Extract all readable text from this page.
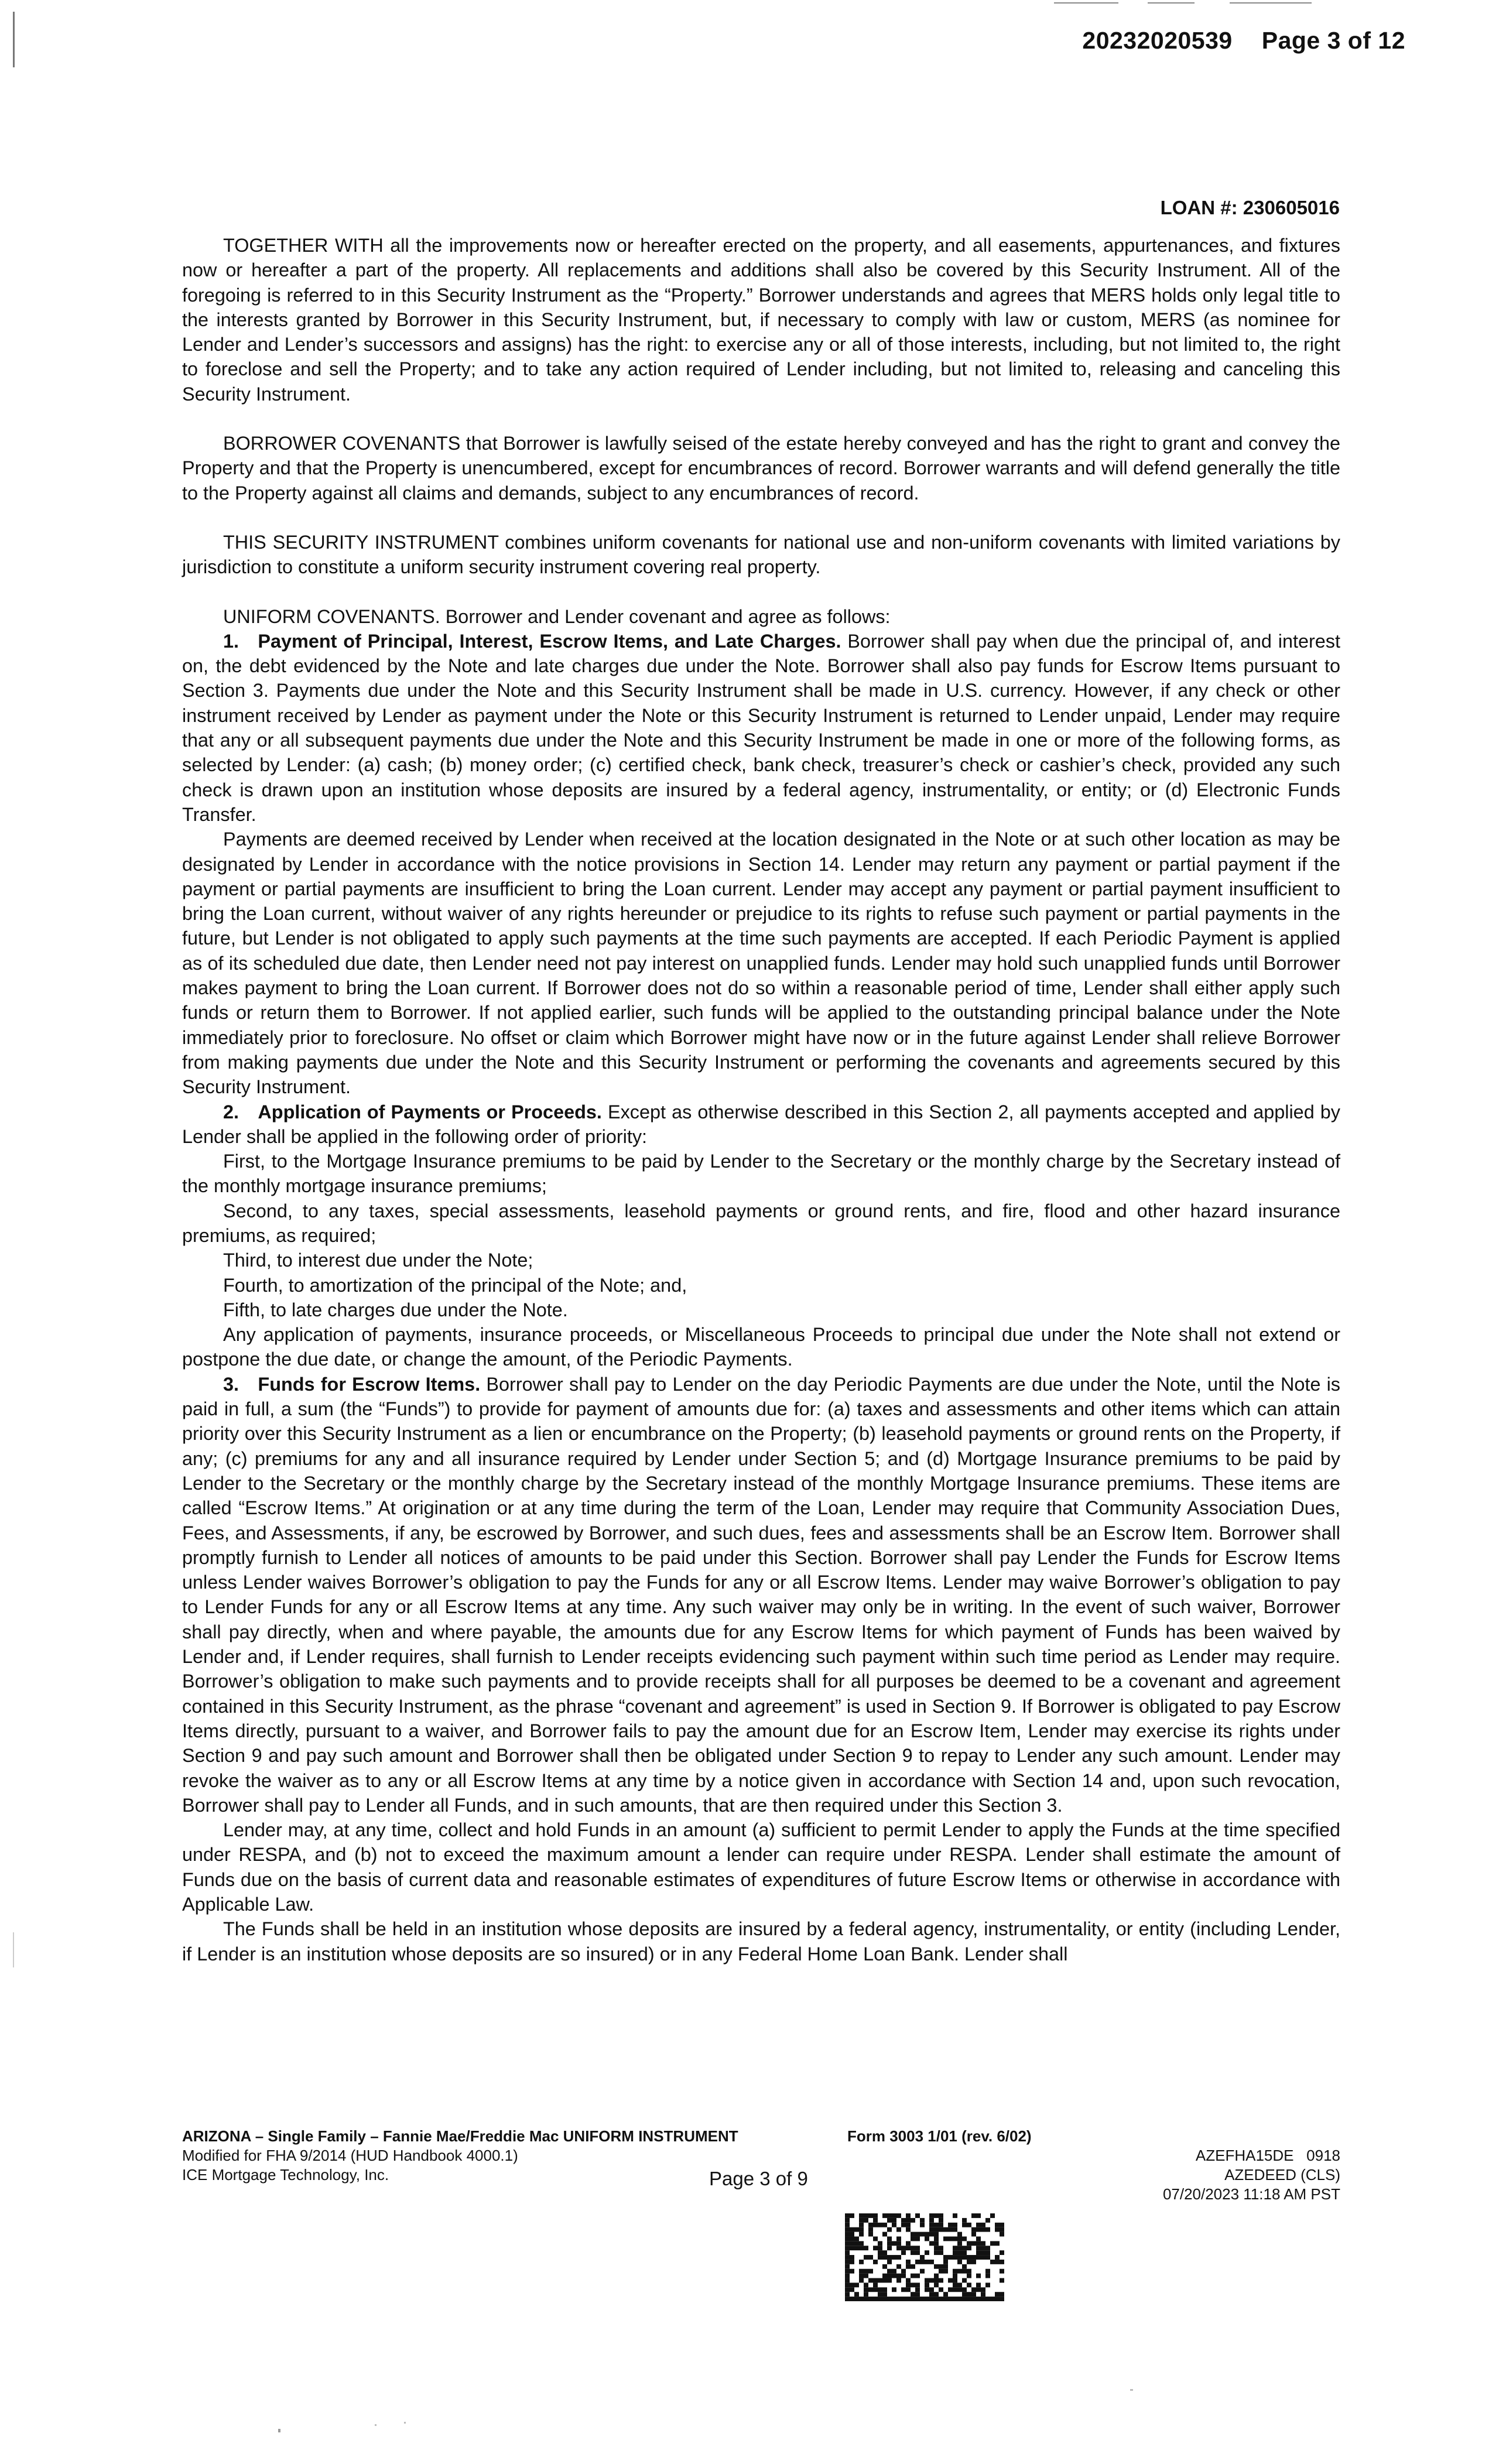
20232020539 Page 3 of 12
LOAN #: 230605016

TOGETHER WITH all the improvements now or hereafter erected on the property, and all easements, appurtenances, and fixtures now or hereafter a part of the property. All replacements and additions shall also be covered by this Security Instrument. All of the foregoing is referred to in this Security Instrument as the “Property.” Borrower understands and agrees that MERS holds only legal title to the interests granted by Borrower in this Security Instrument, but, if necessary to comply with law or custom, MERS (as nominee for Lender and Lender’s successors and assigns) has the right: to exercise any or all of those interests, including, but not limited to, the right to foreclose and sell the Property; and to take any action required of Lender including, but not limited to, releasing and canceling this Security Instrument.

BORROWER COVENANTS that Borrower is lawfully seised of the estate hereby conveyed and has the right to grant and convey the Property and that the Property is unencumbered, except for encumbrances of record. Borrower warrants and will defend generally the title to the Property against all claims and demands, subject to any encumbrances of record.

THIS SECURITY INSTRUMENT combines uniform covenants for national use and non-uniform covenants with limited variations by jurisdiction to constitute a uniform security instrument covering real property.

UNIFORM COVENANTS. Borrower and Lender covenant and agree as follows:

1. Payment of Principal, Interest, Escrow Items, and Late Charges. Borrower shall pay when due the principal of, and interest on, the debt evidenced by the Note and late charges due under the Note. Borrower shall also pay funds for Escrow Items pursuant to Section 3. Payments due under the Note and this Security Instrument shall be made in U.S. currency. However, if any check or other instrument received by Lender as payment under the Note or this Security Instrument is returned to Lender unpaid, Lender may require that any or all subsequent payments due under the Note and this Security Instrument be made in one or more of the following forms, as selected by Lender: (a) cash; (b) money order; (c) certified check, bank check, treasurer’s check or cashier’s check, provided any such check is drawn upon an institution whose deposits are insured by a federal agency, instrumentality, or entity; or (d) Electronic Funds Transfer.

Payments are deemed received by Lender when received at the location designated in the Note or at such other location as may be designated by Lender in accordance with the notice provisions in Section 14. Lender may return any payment or partial payment if the payment or partial payments are insufficient to bring the Loan current. Lender may accept any payment or partial payment insufficient to bring the Loan current, without waiver of any rights hereunder or prejudice to its rights to refuse such payment or partial payments in the future, but Lender is not obligated to apply such payments at the time such payments are accepted. If each Periodic Payment is applied as of its scheduled due date, then Lender need not pay interest on unapplied funds. Lender may hold such unapplied funds until Borrower makes payment to bring the Loan current. If Borrower does not do so within a reasonable period of time, Lender shall either apply such funds or return them to Borrower. If not applied earlier, such funds will be applied to the outstanding principal balance under the Note immediately prior to foreclosure. No offset or claim which Borrower might have now or in the future against Lender shall relieve Borrower from making payments due under the Note and this Security Instrument or performing the covenants and agreements secured by this Security Instrument.

2. Application of Payments or Proceeds. Except as otherwise described in this Section 2, all payments accepted and applied by Lender shall be applied in the following order of priority:

First, to the Mortgage Insurance premiums to be paid by Lender to the Secretary or the monthly charge by the Secretary instead of the monthly mortgage insurance premiums;

Second, to any taxes, special assessments, leasehold payments or ground rents, and fire, flood and other hazard insurance premiums, as required;

Third, to interest due under the Note;

Fourth, to amortization of the principal of the Note; and,

Fifth, to late charges due under the Note.

Any application of payments, insurance proceeds, or Miscellaneous Proceeds to principal due under the Note shall not extend or postpone the due date, or change the amount, of the Periodic Payments.

3. Funds for Escrow Items. Borrower shall pay to Lender on the day Periodic Payments are due under the Note, until the Note is paid in full, a sum (the “Funds”) to provide for payment of amounts due for: (a) taxes and assessments and other items which can attain priority over this Security Instrument as a lien or encumbrance on the Property; (b) leasehold payments or ground rents on the Property, if any; (c) premiums for any and all insurance required by Lender under Section 5; and (d) Mortgage Insurance premiums to be paid by Lender to the Secretary or the monthly charge by the Secretary instead of the monthly Mortgage Insurance premiums. These items are called “Escrow Items.” At origination or at any time during the term of the Loan, Lender may require that Community Association Dues, Fees, and Assessments, if any, be escrowed by Borrower, and such dues, fees and assessments shall be an Escrow Item. Borrower shall promptly furnish to Lender all notices of amounts to be paid under this Section. Borrower shall pay Lender the Funds for Escrow Items unless Lender waives Borrower’s obligation to pay the Funds for any or all Escrow Items. Lender may waive Borrower’s obligation to pay to Lender Funds for any or all Escrow Items at any time. Any such waiver may only be in writing. In the event of such waiver, Borrower shall pay directly, when and where payable, the amounts due for any Escrow Items for which payment of Funds has been waived by Lender and, if Lender requires, shall furnish to Lender receipts evidencing such payment within such time period as Lender may require. Borrower’s obligation to make such payments and to provide receipts shall for all purposes be deemed to be a covenant and agreement contained in this Security Instrument, as the phrase “covenant and agreement” is used in Section 9. If Borrower is obligated to pay Escrow Items directly, pursuant to a waiver, and Borrower fails to pay the amount due for an Escrow Item, Lender may exercise its rights under Section 9 and pay such amount and Borrower shall then be obligated under Section 9 to repay to Lender any such amount. Lender may revoke the waiver as to any or all Escrow Items at any time by a notice given in accordance with Section 14 and, upon such revocation, Borrower shall pay to Lender all Funds, and in such amounts, that are then required under this Section 3.

Lender may, at any time, collect and hold Funds in an amount (a) sufficient to permit Lender to apply the Funds at the time specified under RESPA, and (b) not to exceed the maximum amount a lender can require under RESPA. Lender shall estimate the amount of Funds due on the basis of current data and reasonable estimates of expenditures of future Escrow Items or otherwise in accordance with Applicable Law.

The Funds shall be held in an institution whose deposits are insured by a federal agency, instrumentality, or entity (including Lender, if Lender is an institution whose deposits are so insured) or in any Federal Home Loan Bank. Lender shall

ARIZONA – Single Family – Fannie Mae/Freddie Mac UNIFORM INSTRUMENT
Modified for FHA 9/2014 (HUD Handbook 4000.1)
ICE Mortgage Technology, Inc.
Form 3003 1/01 (rev. 6/02)
Page 3 of 9
AZEFHA15DE   0918
AZEDEED (CLS)
07/20/2023 11:18 AM PST
